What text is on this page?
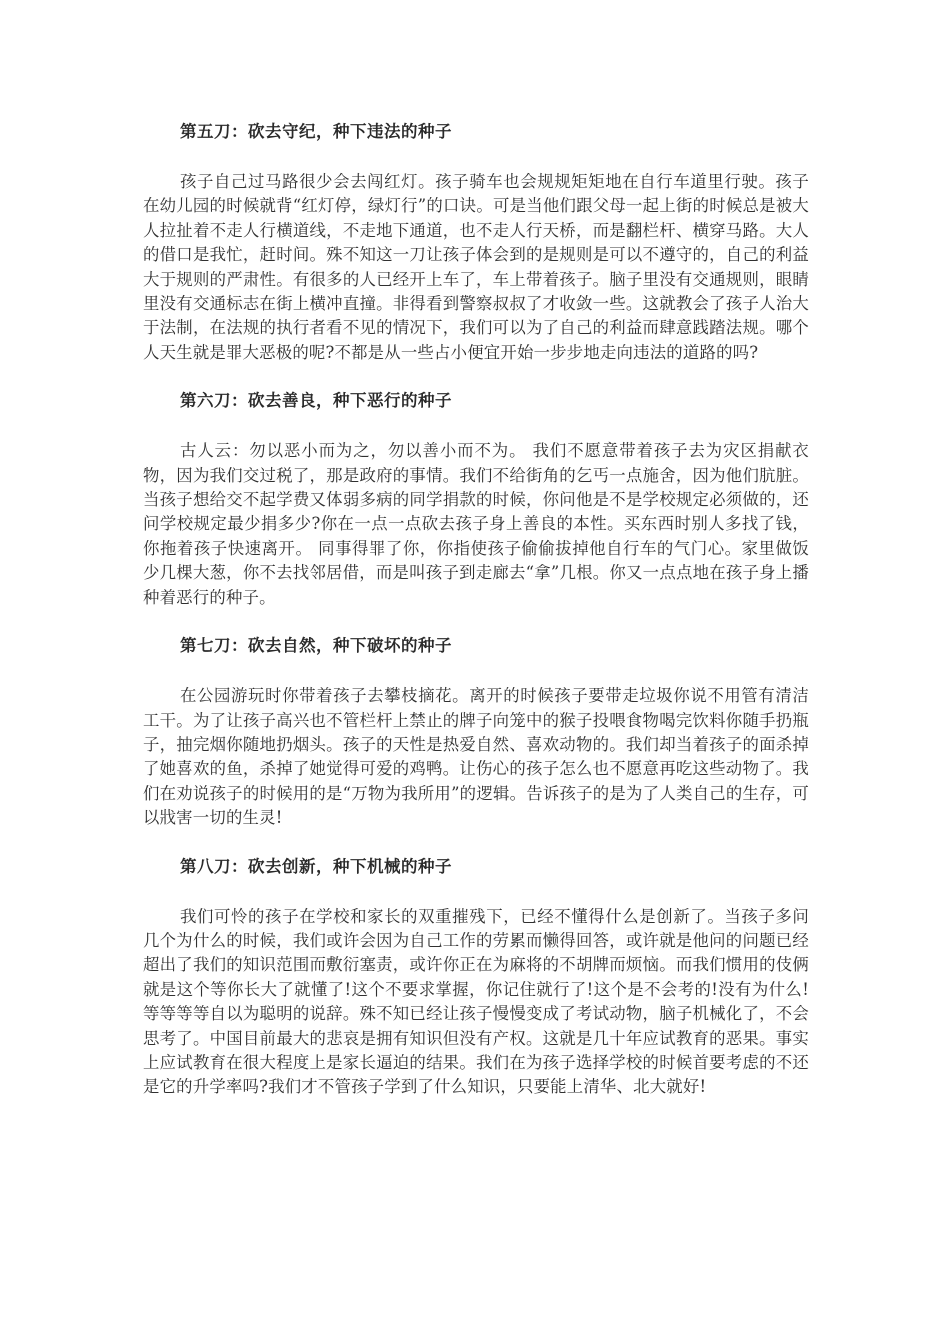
第五刀：砍去守纪，种下违法的种子

孩子自己过马路很少会去闯红灯。孩子骑车也会规规矩矩地在自行车道里行驶。孩子在幼儿园的时候就背“红灯停，绿灯行”的口诀。可是当他们跟父母一起上街的时候总是被大人拉扯着不走人行横道线，不走地下通道，也不走人行天桥，而是翻栏杆、横穿马路。大人的借口是我忙，赶时间。殊不知这一刀让孩子体会到的是规则是可以不遵守的，自己的利益大于规则的严肃性。有很多的人已经开上车了，车上带着孩子。脑子里没有交通规则，眼睛里没有交通标志在街上横冲直撞。非得看到警察叔叔了才收敛一些。这就教会了孩子人治大于法制，在法规的执行者看不见的情况下，我们可以为了自己的利益而肆意践踏法规。哪个人天生就是罪大恶极的呢?不都是从一些占小便宜开始一步步地走向违法的道路的吗?

第六刀：砍去善良，种下恶行的种子

古人云：勿以恶小而为之，勿以善小而不为。 我们不愿意带着孩子去为灾区捐献衣物，因为我们交过税了，那是政府的事情。我们不给街角的乞丐一点施舍，因为他们肮脏。当孩子想给交不起学费又体弱多病的同学捐款的时候，你问他是不是学校规定必须做的，还问学校规定最少捐多少?你在一点一点砍去孩子身上善良的本性。买东西时别人多找了钱，你拖着孩子快速离开。 同事得罪了你，你指使孩子偷偷拔掉他自行车的气门心。家里做饭少几棵大葱，你不去找邻居借，而是叫孩子到走廊去“拿”几根。你又一点点地在孩子身上播种着恶行的种子。

第七刀：砍去自然，种下破坏的种子

在公园游玩时你带着孩子去攀枝摘花。离开的时候孩子要带走垃圾你说不用管有清洁工干。为了让孩子高兴也不管栏杆上禁止的牌子向笼中的猴子投喂食物喝完饮料你随手扔瓶子，抽完烟你随地扔烟头。孩子的天性是热爱自然、喜欢动物的。我们却当着孩子的面杀掉了她喜欢的鱼，杀掉了她觉得可爱的鸡鸭。让伤心的孩子怎么也不愿意再吃这些动物了。我们在劝说孩子的时候用的是“万物为我所用”的逻辑。告诉孩子的是为了人类自己的生存，可以戕害一切的生灵!

第八刀：砍去创新，种下机械的种子

我们可怜的孩子在学校和家长的双重摧残下，已经不懂得什么是创新了。当孩子多问几个为什么的时候，我们或许会因为自己工作的劳累而懒得回答，或许就是他问的问题已经超出了我们的知识范围而敷衍塞责，或许你正在为麻将的不胡牌而烦恼。而我们惯用的伎俩就是这个等你长大了就懂了!这个不要求掌握，你记住就行了!这个是不会考的!没有为什么!等等等等自以为聪明的说辞。殊不知已经让孩子慢慢变成了考试动物，脑子机械化了，不会思考了。中国目前最大的悲哀是拥有知识但没有产权。这就是几十年应试教育的恶果。事实上应试教育在很大程度上是家长逼迫的结果。我们在为孩子选择学校的时候首要考虑的不还是它的升学率吗?我们才不管孩子学到了什么知识，只要能上清华、北大就好!
